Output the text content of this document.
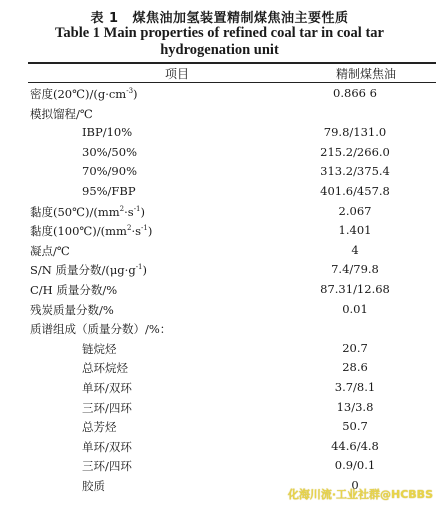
表 1 煤焦油加氢装置精制煤焦油主要性质
Table 1 Main properties of refined coal tar in coal tar
hydrogenation unit
项目	精制煤焦油
密度$(20℃)/(g\cdot cm^{-3})$	0.866 6
模拟馏程/℃
IBP/10%	79.8/131.0
30%/50%	215.2/266.0
70%/90%	313.2/375.4
95%/FBP	401.6/457.8
黏度$(50℃)/(mm^2\cdot s^{-1})$	2.067
黏度$(100℃)/(mm^2\cdot s^{-1})$	1.401
凝点/℃	4
S/N 质量分数$/(\mu g\cdot g^{-1})$	7.4/79.8
C/H 质量分数/%	87.31/12.68
残炭质量分数/%	0.01
质谱组成（质量分数）/%：
链烷烃	20.7
总环烷烃	28.6
单环/双环	3.7/8.1
三环/四环	13/3.8
总芳烃	50.7
单环/双环	44.6/4.8
三环/四环	0.9/0.1
胶质	0
化海川流·工业社群@HCBBS
